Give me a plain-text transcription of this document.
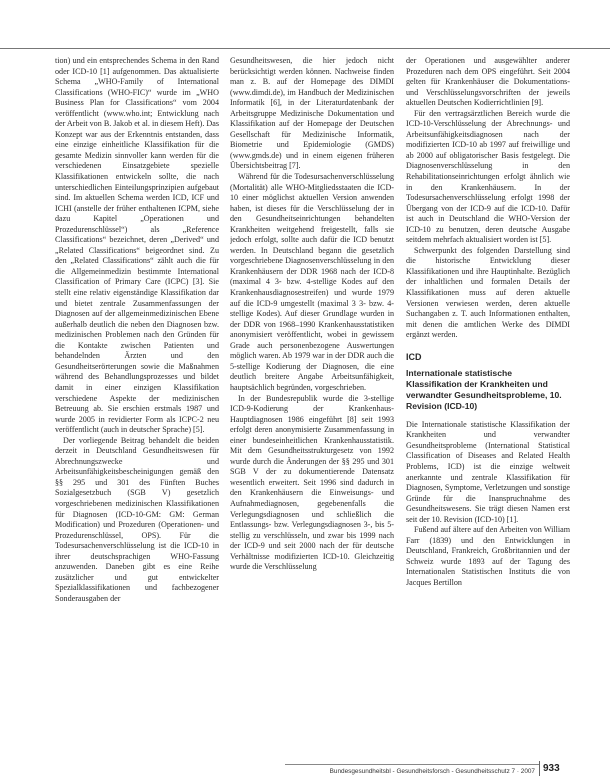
tion) und ein entsprechendes Schema in den Rand oder ICD-10 [1] aufgenommen. Das aktualisierte Schema „WHO-Family of International Classifications (WHO-FIC)“ wurde im „WHO Business Plan for Classifications“ vom 2004 veröffentlicht (www.who.int; Entwicklung nach der Arbeit von B. Jakob et al. in diesem Heft). Das Konzept war aus der Erkenntnis entstanden, dass eine einzige einheitliche Klassifikation für die gesamte Medizin sinnvoller kann werden für die verschiedenen Einsatzgebiete spezielle Klassifikationen entwickeln sollte, die nach unterschiedlichen Einteilungsprinzipien aufgebaut sind. Im aktuellen Schema werden ICD, ICF und ICHI (anstelle der früher enthaltenen ICPM, siehe dazu Kapitel „Operationen und Prozedurenschlüssel“) als „Reference Classifications“ bezeichnet, deren „Derived“ und „Related Classifications“ beigeordnet sind. Zu den „Related Classifications“ zählt auch die für die Allgemeinmedizin bestimmte International Classification of Primary Care (ICPC) [3]. Sie stellt eine relativ eigenständige Klassifikation dar und bietet zentrale Zusammenfassungen der Diagnosen auf der allgemeinmedizinischen Ebene außerhalb deutlich die neben den Diagnosen bzw. medizinischen Problemen nach den Gründen für die Kontakte zwischen Patienten und behandelnden Ärzten und den Gesundheitserörterungen sowie die Maßnahmen während des Behandlungsprozesses und bildet damit in einer einzigen Klassifikation verschiedene Aspekte der medizinischen Betreuung ab. Sie erschien erstmals 1987 und wurde 2005 in revidierter Form als ICPC-2 neu veröffentlicht (auch in deutscher Sprache) [5].

Der vorliegende Beitrag behandelt die beiden derzeit in Deutschland Gesundheitswesen für Abrechnungszwecke und Arbeitsunfähigkeitsbescheinigungen gemäß den §§ 295 und 301 des Fünften Buches Sozialgesetzbuch (SGB V) gesetzlich vorgeschriebenen medizinischen Klassifikationen für Diagnosen (ICD-10-GM: GM: German Modification) und Prozeduren (Operationen- und Prozedurenschlüssel, OPS). Für die Todesursachenverschlüsselung ist die ICD-10 in ihrer deutschsprachigen WHO-Fassung anzuwenden. Daneben gibt es eine Reihe zusätzlicher und gut entwickelter Spezialklassifikationen und fachbezogener Sonderausgaben der

Gesundheitswesen, die hier jedoch nicht berücksichtigt werden können. Nachweise finden man z. B. auf der Homepage des DIMDI (www.dimdi.de), im Handbuch der Medizinischen Informatik [6], in der Literaturdatenbank der Arbeitsgruppe Medizinische Dokumentation und Klassifikation auf der Homepage der Deutschen Gesellschaft für Medizinische Informatik, Biometrie und Epidemiologie (GMDS) (www.gmds.de) und in einem eigenen früheren Übersichtsbeitrag [7].

Während für die Todesursachenverschlüsselung (Mortalität) alle WHO-Mitgliedsstaaten die ICD-10 einer möglichst aktuellen Version anwenden haben, ist dieses für die Verschlüsselung der in den Gesundheitseinrichtungen behandelten Krankheiten weitgehend freigestellt, falls sie jedoch erfolgt, sollte auch dafür die ICD benutzt werden. In Deutschland begann die gesetzlich vorgeschriebene Diagnosenverschlüsselung in den Krankenhäusern der DDR 1968 nach der ICD-8 (maximal 4 3- bzw. 4-stellige Kodes auf den Krankenhausdiagnosestreifen) und wurde 1979 auf die ICD-9 umgestellt (maximal 3 3- bzw. 4-stellige Kodes). Auf dieser Grundlage wurden in der DDR von 1968–1990 Krankenhausstatistiken anonymisiert veröffentlicht, wobei in gewissem Grade auch personenbezogene Auswertungen möglich waren. Ab 1979 war in der DDR auch die 5-stellige Kodierung der Diagnosen, die eine deutlich breitere Angabe Arbeitsunfähigkeit, hauptsächlich begründen, vorgeschrieben.

In der Bundesrepublik wurde die 3-stellige ICD-9-Kodierung der Krankenhaus-Hauptdiagnosen 1986 eingeführt [8] seit 1993 erfolgt deren anonymisierte Zusammenfassung in einer bundeseinheitlichen Krankenhausstatistik. Mit dem Gesundheitsstrukturgesetz von 1992 wurde durch die Änderungen der §§ 295 und 301 SGB V der zu dokumentierende Datensatz wesentlich erweitert. Seit 1996 sind dadurch in den Krankenhäusern die Einweisungs- und Aufnahmediagnosen, gegebenenfalls die Verlegungsdiagnosen und schließlich die Entlassungs- bzw. Verlegungsdiagnosen 3-, bis 5-stellig zu verschlüsseln, und zwar bis 1999 nach der ICD-9 und seit 2000 nach der für deutsche Verhältnisse modifizierten ICD-10. Gleichzeitig wurde die Verschlüsselung

der Operationen und ausgewählter anderer Prozeduren nach dem OPS eingeführt. Seit 2004 gelten für Krankenhäuser die Dokumentations- und Verschlüsselungsvorschriften der jeweils aktuellen Deutschen Kodierrichtlinien [9].

Für den vertragsärztlichen Bereich wurde die ICD-10-Verschlüsselung der Abrechnungs- und Arbeitsunfähigkeitsdiagnosen nach der modifizierten ICD-10 ab 1997 auf freiwillige und ab 2000 auf obligatorischer Basis festgelegt. Die Diagnosenverschlüsselung in den Rehabilitationseinrichtungen erfolgt ähnlich wie in den Krankenhäusern. In der Todesursachenverschlüsselung erfolgt 1998 der Übergang von der ICD-9 auf die ICD-10. Dafür ist auch in Deutschland die WHO-Version der ICD-10 zu benutzen, deren deutsche Ausgabe seitdem mehrfach aktualisiert worden ist [5].

Schwerpunkt des folgenden Darstellung sind die historische Entwicklung dieser Klassifikationen und ihre Hauptinhalte. Bezüglich der inhaltlichen und formalen Details der Klassifikationen muss auf deren aktuelle Versionen verwiesen werden, deren aktuelle Suchangaben z. T. auch Informationen enthalten, mit denen die amtlichen Werke des DIMDI ergänzt werden.

ICD
Internationale statistische Klassifikation der Krankheiten und verwandter Gesundheitsprobleme, 10. Revision (ICD-10)

Die Internationale statistische Klassifikation der Krankheiten und verwandter Gesundheitsprobleme (International Statistical Classification of Diseases and Related Health Problems, ICD) ist die einzige weltweit anerkannte und zentrale Klassifikation für Diagnosen, Symptome, Verletzungen und sonstige Gründe für die Inanspruchnahme des Gesundheitswesens. Sie trägt diesen Namen erst seit der 10. Revision (ICD-10) [1].

Fußend auf ältere auf den Arbeiten von William Farr (1839) und den Entwicklungen in Deutschland, Frankreich, Großbritannien und der Schweiz wurde 1893 auf der Tagung des Internationalen Statistischen Instituts die von Jacques Bertillon

Bundesgesundheitsbl - Gesundheitsforsch - Gesundheitsschutz 7 · 2007 933
